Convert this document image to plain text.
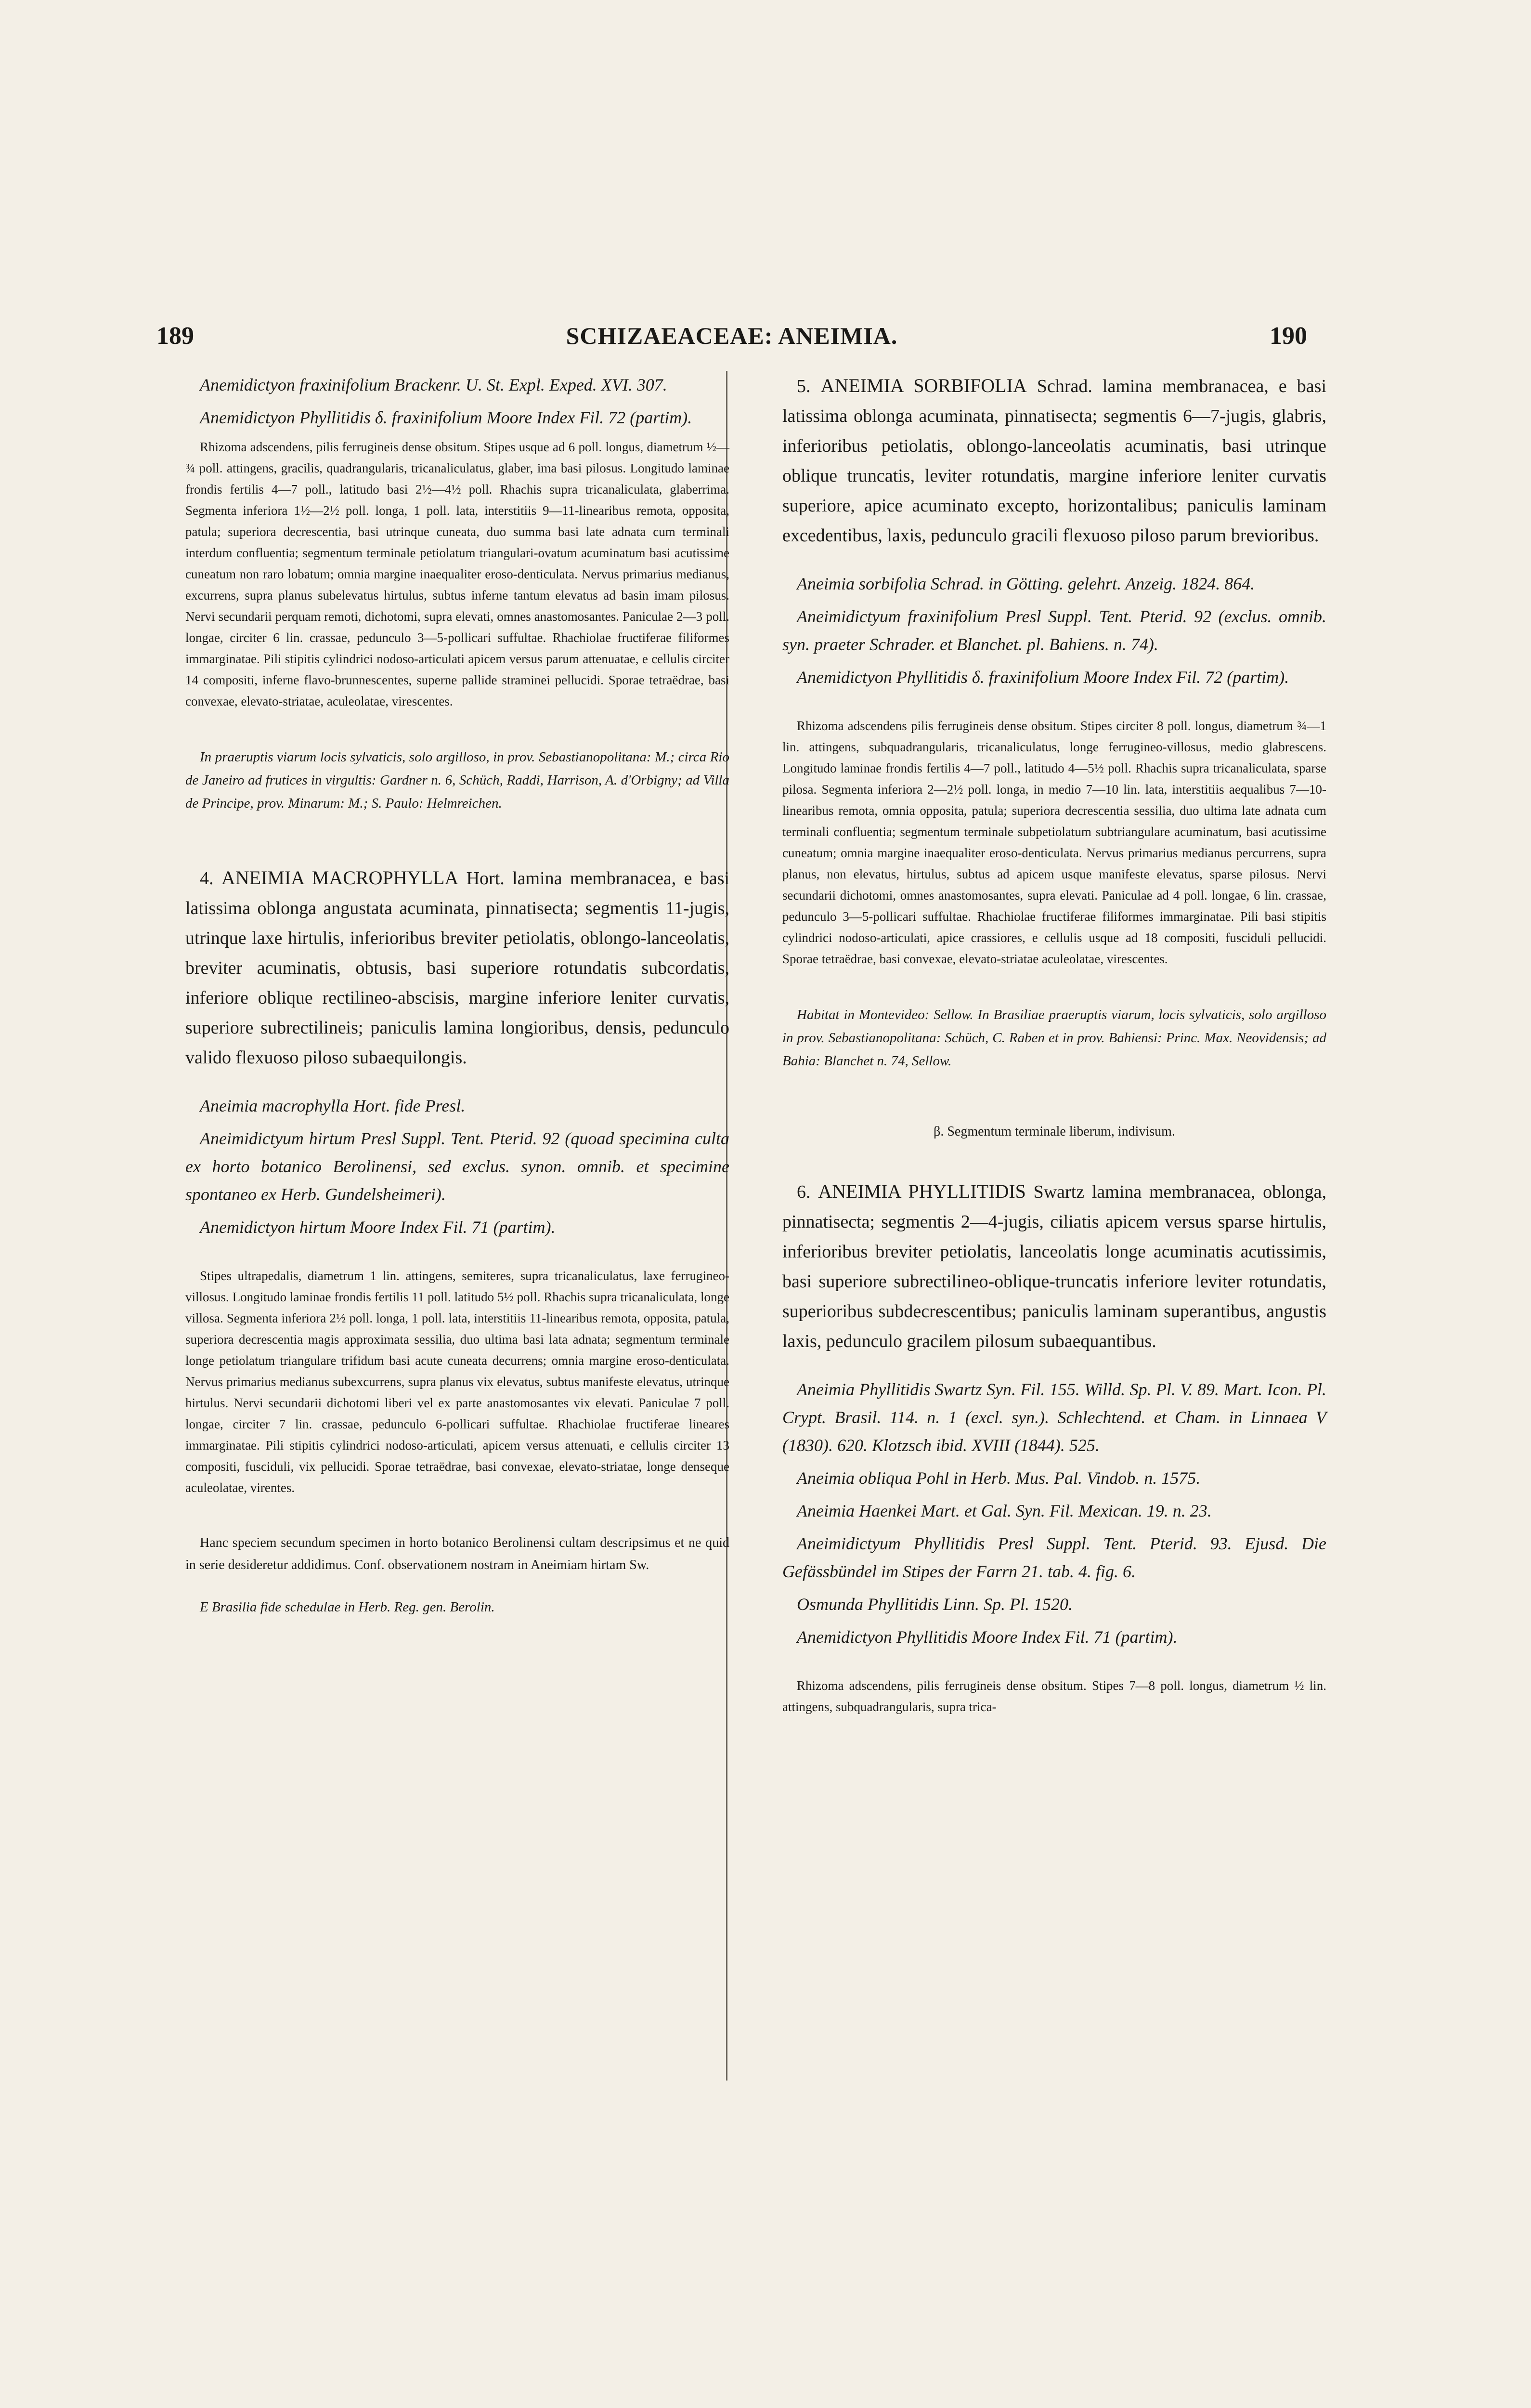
189	SCHIZAEACEAE: ANEIMIA.	190

Anemidictyon fraxinifolium Brackenr. U. St. Expl. Exped. XVI. 307.

Anemidictyon Phyllitidis δ. fraxinifolium Moore Index Fil. 72 (partim).

Rhizoma adscendens, pilis ferrugineis dense obsitum. Stipes usque ad 6 poll. longus, diametrum ½—¾ poll. attingens, gracilis, quadrangularis, tricanaliculatus, glaber, ima basi pilosus. Longitudo laminae frondis fertilis 4—7 poll., latitudo basi 2½—4½ poll. Rhachis supra tricanaliculata, glaberrima. Segmenta inferiora 1½—2½ poll. longa, 1 poll. lata, interstitiis 9—11-linearibus remota, opposita, patula; superiora decrescentia, basi utrinque cuneata, duo summa basi late adnata cum terminali interdum confluentia; segmentum terminale petiolatum triangulari-ovatum acuminatum basi acutissime cuneatum non raro lobatum; omnia margine inaequaliter eroso-denticulata. Nervus primarius medianus, excurrens, supra planus subelevatus hirtulus, subtus inferne tantum elevatus ad basin imam pilosus. Nervi secundarii perquam remoti, dichotomi, supra elevati, omnes anastomosantes. Paniculae 2—3 poll. longae, circiter 6 lin. crassae, pedunculo 3—5-pollicari suffultae. Rhachiolae fructiferae filiformes immarginatae. Pili stipitis cylindrici nodoso-articulati apicem versus parum attenuatae, e cellulis circiter 14 compositi, inferne flavo-brunnescentes, superne pallide straminei pellucidi. Sporae tetraëdrae, basi convexae, elevato-striatae, aculeolatae, virescentes.

In praeruptis viarum locis sylvaticis, solo argilloso, in prov. Sebastianopolitana: M.; circa Rio de Janeiro ad frutices in virgultis: Gardner n. 6, Schüch, Raddi, Harrison, A. d'Orbigny; ad Villa de Principe, prov. Minarum: M.; S. Paulo: Helmreichen.

4. ANEIMIA MACROPHYLLA Hort. lamina membranacea, e basi latissima oblonga angustata acuminata, pinnatisecta; segmentis 11-jugis, utrinque laxe hirtulis, inferioribus breviter petiolatis, oblongo-lanceolatis, breviter acuminatis, obtusis, basi superiore rotundatis subcordatis, inferiore oblique rectilineo-abscisis, margine inferiore leniter curvatis, superiore subrectilineis; paniculis lamina longioribus, densis, pedunculo valido flexuoso piloso subaequilongis.

Aneimia macrophylla Hort. fide Presl.

Aneimidictyum hirtum Presl Suppl. Tent. Pterid. 92 (quoad specimina culta ex horto botanico Berolinensi, sed exclus. synon. omnib. et specimine spontaneo ex Herb. Gundelsheimeri).

Anemidictyon hirtum Moore Index Fil. 71 (partim).

Stipes ultrapedalis, diametrum 1 lin. attingens, semiteres, supra tricanaliculatus, laxe ferrugineo-villosus. Longitudo laminae frondis fertilis 11 poll. latitudo 5½ poll. Rhachis supra tricanaliculata, longe villosa. Segmenta inferiora 2½ poll. longa, 1 poll. lata, interstitiis 11-linearibus remota, opposita, patula, superiora decrescentia magis approximata sessilia, duo ultima basi lata adnata; segmentum terminale longe petiolatum triangulare trifidum basi acute cuneata decurrens; omnia margine eroso-denticulata. Nervus primarius medianus subexcurrens, supra planus vix elevatus, subtus manifeste elevatus, utrinque hirtulus. Nervi secundarii dichotomi liberi vel ex parte anastomosantes vix elevati. Paniculae 7 poll. longae, circiter 7 lin. crassae, pedunculo 6-pollicari suffultae. Rhachiolae fructiferae lineares immarginatae. Pili stipitis cylindrici nodoso-articulati, apicem versus attenuati, e cellulis circiter 13 compositi, fusciduli, vix pellucidi. Sporae tetraëdrae, basi convexae, elevato-striatae, longe denseque aculeolatae, virentes.

Hanc speciem secundum specimen in horto botanico Berolinensi cultam descripsimus et ne quid in serie desideretur addidimus. Conf. observationem nostram in Aneimiam hirtam Sw.

E Brasilia fide schedulae in Herb. Reg. gen. Berolin.

5. ANEIMIA SORBIFOLIA Schrad. lamina membranacea, e basi latissima oblonga acuminata, pinnatisecta; segmentis 6—7-jugis, glabris, inferioribus petiolatis, oblongo-lanceolatis acuminatis, basi utrinque oblique truncatis, leviter rotundatis, margine inferiore leniter curvatis superiore, apice acuminato excepto, horizontalibus; paniculis laminam excedentibus, laxis, pedunculo gracili flexuoso piloso parum brevioribus.

Aneimia sorbifolia Schrad. in Götting. gelehrt. Anzeig. 1824. 864.

Aneimidictyum fraxinifolium Presl Suppl. Tent. Pterid. 92 (exclus. omnib. syn. praeter Schrader. et Blanchet. pl. Bahiens. n. 74).

Anemidictyon Phyllitidis δ. fraxinifolium Moore Index Fil. 72 (partim).

Rhizoma adscendens pilis ferrugineis dense obsitum. Stipes circiter 8 poll. longus, diametrum ¾—1 lin. attingens, subquadrangularis, tricanaliculatus, longe ferrugineo-villosus, medio glabrescens. Longitudo laminae frondis fertilis 4—7 poll., latitudo 4—5½ poll. Rhachis supra tricanaliculata, sparse pilosa. Segmenta inferiora 2—2½ poll. longa, in medio 7—10 lin. lata, interstitiis aequalibus 7—10-linearibus remota, omnia opposita, patula; superiora decrescentia sessilia, duo ultima late adnata cum terminali confluentia; segmentum terminale subpetiolatum subtriangulare acuminatum, basi acutissime cuneatum; omnia margine inaequaliter eroso-denticulata. Nervus primarius medianus percurrens, supra planus, non elevatus, hirtulus, subtus ad apicem usque manifeste elevatus, sparse pilosus. Nervi secundarii dichotomi, omnes anastomosantes, supra elevati. Paniculae ad 4 poll. longae, 6 lin. crassae, pedunculo 3—5-pollicari suffultae. Rhachiolae fructiferae filiformes immarginatae. Pili basi stipitis cylindrici nodoso-articulati, apice crassiores, e cellulis usque ad 18 compositi, fusciduli pellucidi. Sporae tetraëdrae, basi convexae, elevato-striatae aculeolatae, virescentes.

Habitat in Montevideo: Sellow. In Brasiliae praeruptis viarum, locis sylvaticis, solo argilloso in prov. Sebastianopolitana: Schüch, C. Raben et in prov. Bahiensi: Princ. Max. Neovidensis; ad Bahia: Blanchet n. 74, Sellow.

β. Segmentum terminale liberum, indivisum.

6. ANEIMIA PHYLLITIDIS Swartz lamina membranacea, oblonga, pinnatisecta; segmentis 2—4-jugis, ciliatis apicem versus sparse hirtulis, inferioribus breviter petiolatis, lanceolatis longe acuminatis acutissimis, basi superiore subrectilineo-oblique-truncatis inferiore leviter rotundatis, superioribus subdecrescentibus; paniculis laminam superantibus, angustis laxis, pedunculo gracilem pilosum subaequantibus.

Aneimia Phyllitidis Swartz Syn. Fil. 155. Willd. Sp. Pl. V. 89. Mart. Icon. Pl. Crypt. Brasil. 114. n. 1 (excl. syn.). Schlechtend. et Cham. in Linnaea V (1830). 620. Klotzsch ibid. XVIII (1844). 525.

Aneimia obliqua Pohl in Herb. Mus. Pal. Vindob. n. 1575.

Aneimia Haenkei Mart. et Gal. Syn. Fil. Mexican. 19. n. 23.

Aneimidictyum Phyllitidis Presl Suppl. Tent. Pterid. 93. Ejusd. Die Gefässbündel im Stipes der Farrn 21. tab. 4. fig. 6.

Osmunda Phyllitidis Linn. Sp. Pl. 1520.

Anemidictyon Phyllitidis Moore Index Fil. 71 (partim).

Rhizoma adscendens, pilis ferrugineis dense obsitum. Stipes 7—8 poll. longus, diametrum ½ lin. attingens, subquadrangularis, supra trica-
